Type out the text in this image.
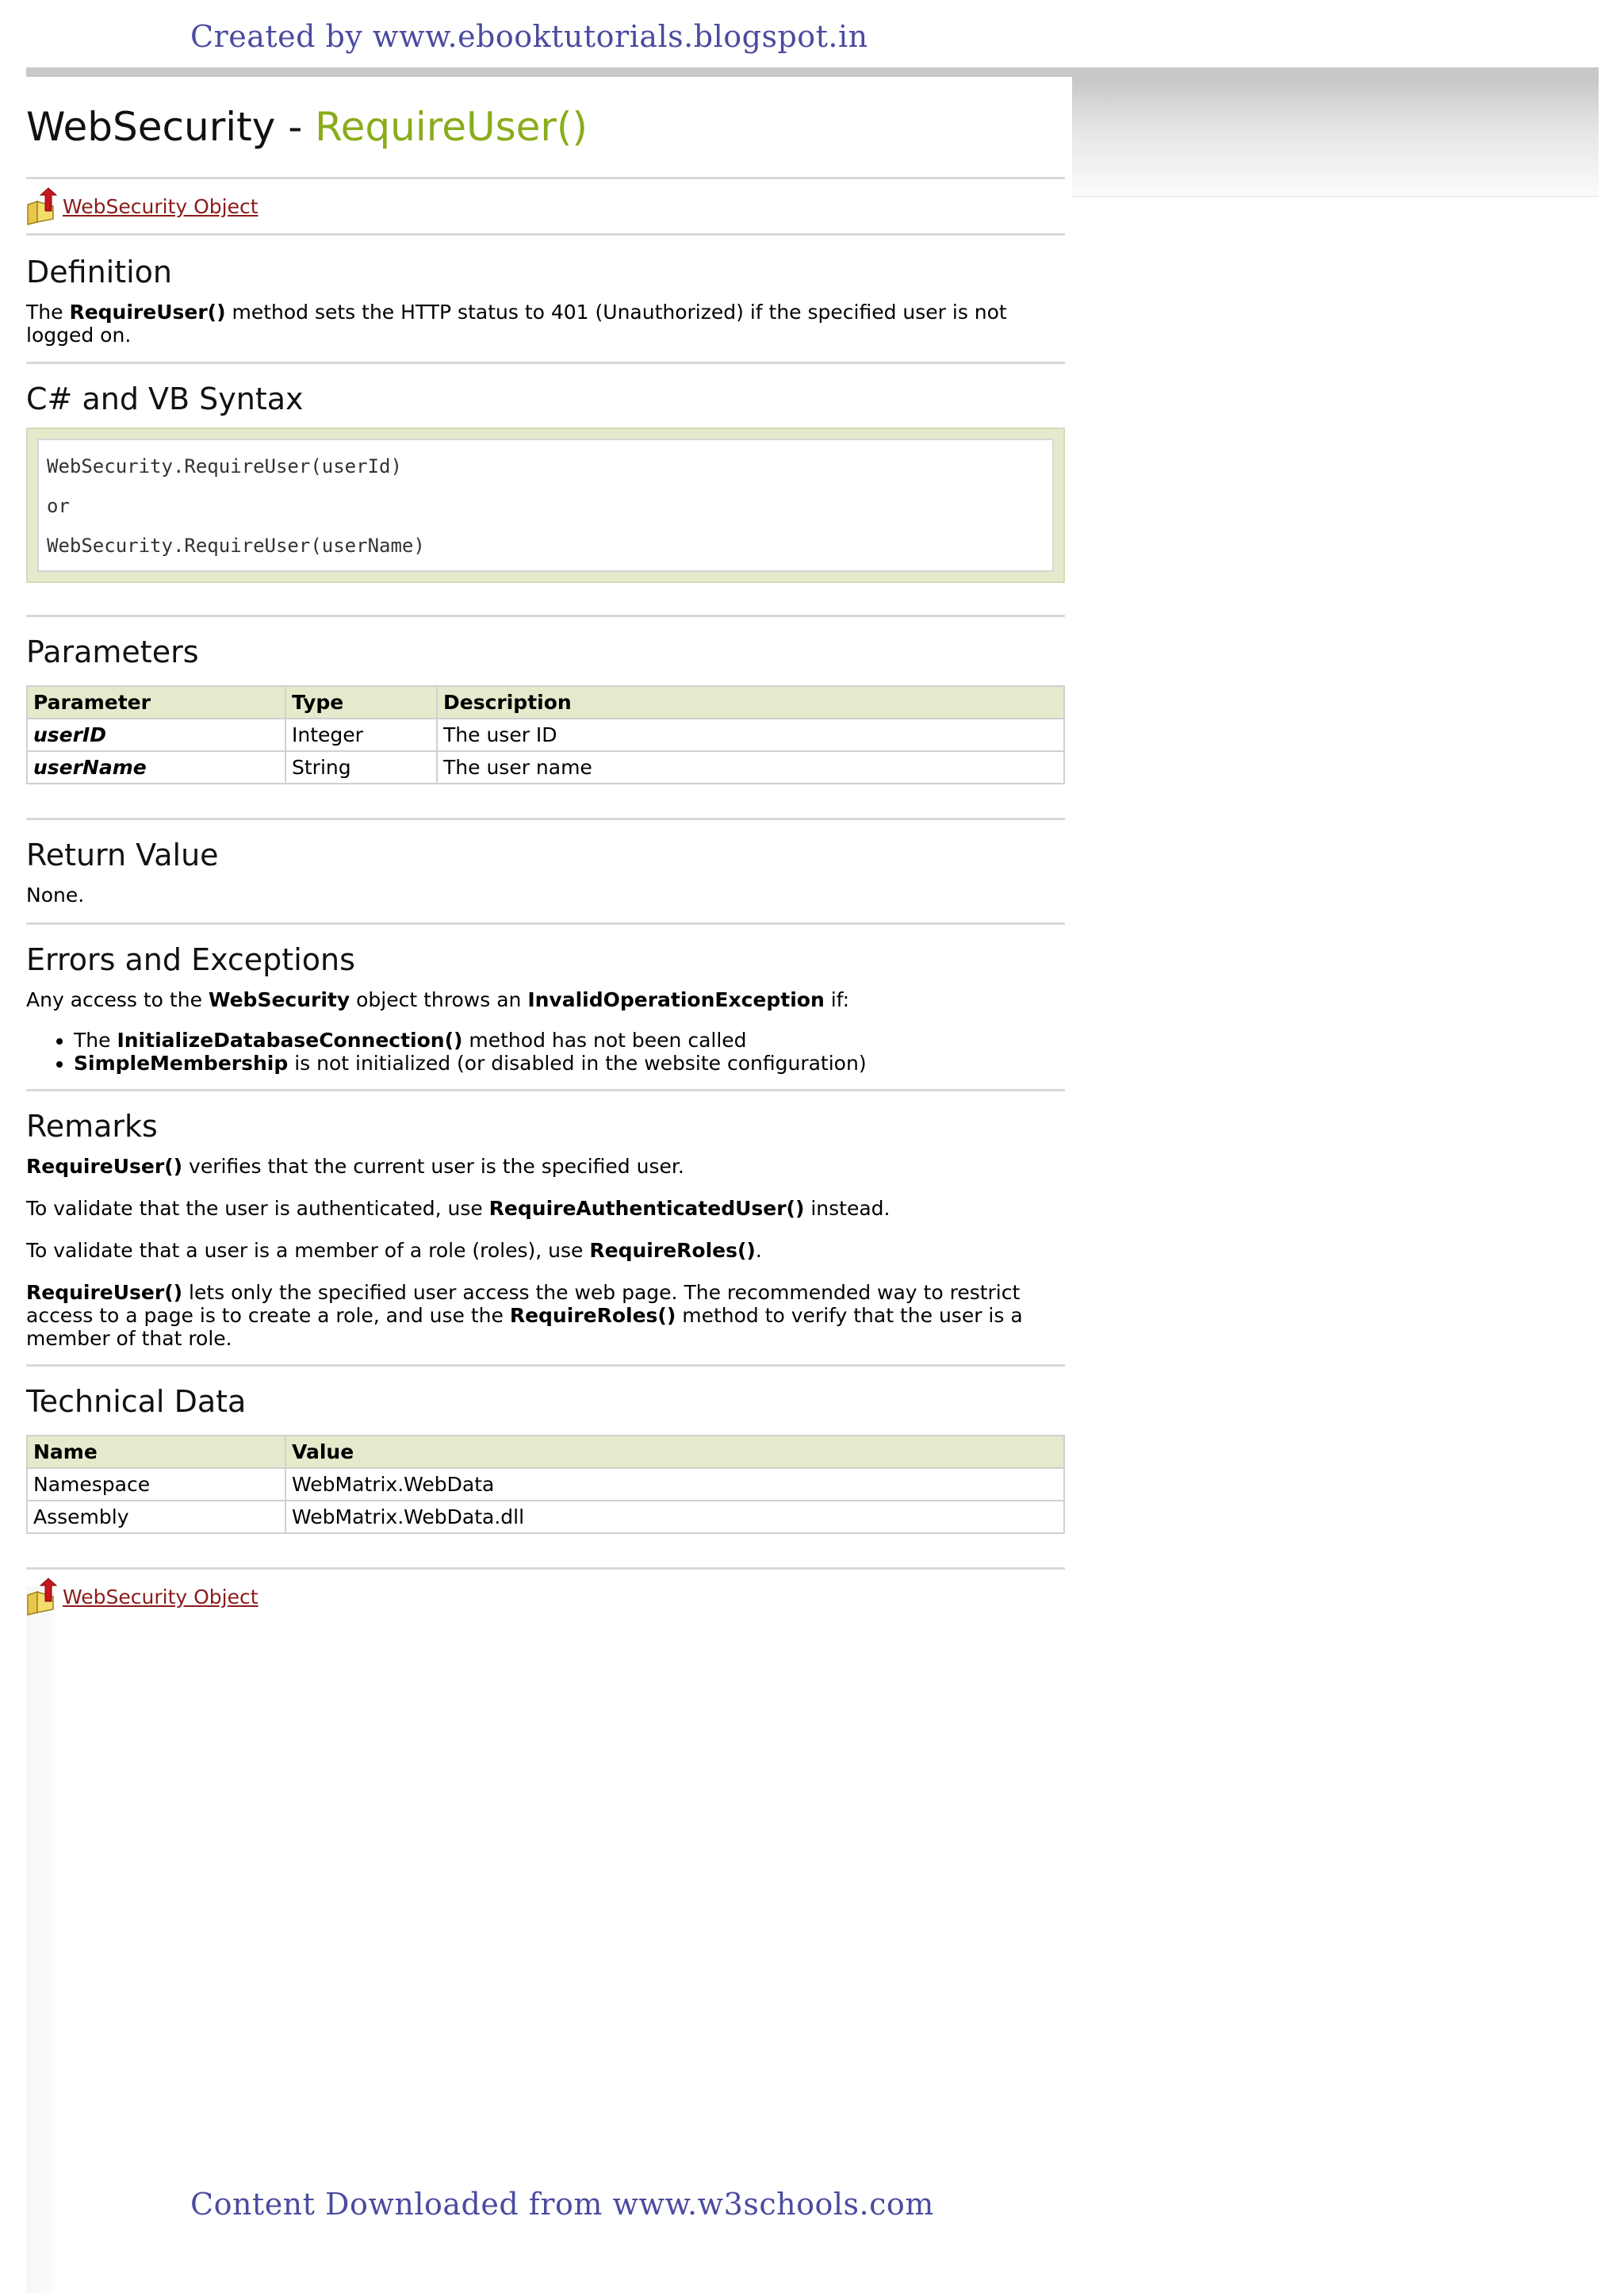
Created by www.ebooktutorials.blogspot.in
WebSecurity - RequireUser()
WebSecurity Object
Definition

The RequireUser() method sets the HTTP status to 401 (Unauthorized) if the specified user is not logged on.

C# and VB Syntax
WebSecurity.RequireUser(userId)
or
WebSecurity.RequireUser(userName)
Parameters
Parameter	Type	Description
userID	Integer	The user ID
userName	String	The user name
Return Value

None.

Errors and Exceptions

Any access to the WebSecurity object throws an InvalidOperationException if:

• The InitializeDatabaseConnection() method has not been called
• SimpleMembership is not initialized (or disabled in the website configuration)
Remarks

RequireUser() verifies that the current user is the specified user.

To validate that the user is authenticated, use RequireAuthenticatedUser() instead.

To validate that a user is a member of a role (roles), use RequireRoles().

RequireUser() lets only the specified user access the web page. The recommended way to restrict access to a page is to create a role, and use the RequireRoles() method to verify that the user is a member of that role.

Technical Data
Name	Value
Namespace	WebMatrix.WebData
Assembly	WebMatrix.WebData.dll
WebSecurity Object
Content Downloaded from www.w3schools.com
